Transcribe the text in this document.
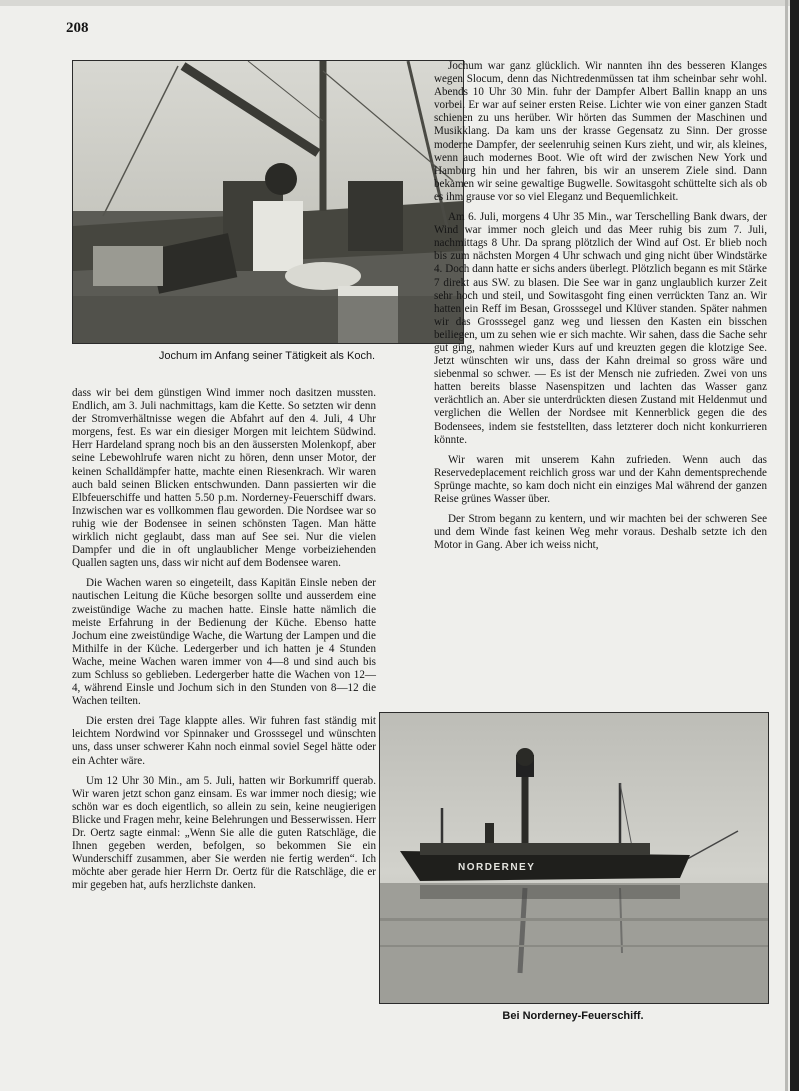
208
Jochum im Anfang seiner Tätigkeit als Koch.

dass wir bei dem günstigen Wind immer noch dasitzen mussten. Endlich, am 3. Juli nachmittags, kam die Kette. So setzten wir denn der Stromverhältnisse wegen die Abfahrt auf den 4. Juli, 4 Uhr morgens, fest. Es war ein diesiger Morgen mit leichtem Südwind. Herr Hardeland sprang noch bis an den äussersten Molenkopf, aber seine Lebewohlrufe waren nicht zu hören, denn unser Motor, der keinen Schalldämpfer hatte, machte einen Riesenkrach. Wir waren auch bald seinen Blicken entschwunden. Dann passierten wir die Elbfeuerschiffe und hatten 5.50 p.m. Norderney-Feuerschiff dwars. Inzwischen war es vollkommen flau geworden. Die Nordsee war so ruhig wie der Bodensee in seinen schönsten Tagen. Man hätte wirklich nicht geglaubt, dass man auf See sei. Nur die vielen Dampfer und die in oft unglaublicher Menge vorbeiziehenden Quallen sagten uns, dass wir nicht auf dem Bodensee waren.

Die Wachen waren so eingeteilt, dass Kapitän Einsle neben der nautischen Leitung die Küche besorgen sollte und ausserdem eine zweistündige Wache zu machen hatte. Einsle hatte nämlich die meiste Erfahrung in der Bedienung der Küche. Ebenso hatte Jochum eine zweistündige Wache, die Wartung der Lampen und die Mithilfe in der Küche. Ledergerber und ich hatten je 4 Stunden Wache, meine Wachen waren immer von 4—8 und sind auch bis zum Schluss so geblieben. Ledergerber hatte die Wachen von 12—4, während Einsle und Jochum sich in den Stunden von 8—12 die Wachen teilten.

Die ersten drei Tage klappte alles. Wir fuhren fast ständig mit leichtem Nordwind vor Spinnaker und Grosssegel und wünschten uns, dass unser schwerer Kahn noch einmal soviel Segel hätte oder ein Achter wäre.

Um 12 Uhr 30 Min., am 5. Juli, hatten wir Borkumriff querab. Wir waren jetzt schon ganz einsam. Es war immer noch diesig; wie schön war es doch eigentlich, so allein zu sein, keine neugierigen Blicke und Fragen mehr, keine Belehrungen und Besserwissen. Herr Dr. Oertz sagte einmal: „Wenn Sie alle die guten Ratschläge, die Ihnen gegeben werden, befolgen, so bekommen Sie ein Wunderschiff zusammen, aber Sie werden nie fertig werden“. Ich möchte aber gerade hier Herrn Dr. Oertz für die Ratschläge, die er mir gegeben hat, aufs herzlichste danken.

Jochum war ganz glücklich. Wir nannten ihn des besseren Klanges wegen Slocum, denn das Nichtredenmüssen tat ihm scheinbar sehr wohl. Abends 10 Uhr 30 Min. fuhr der Dampfer Albert Ballin knapp an uns vorbei. Er war auf seiner ersten Reise. Lichter wie von einer ganzen Stadt schienen zu uns herüber. Wir hörten das Summen der Maschinen und Musikklang. Da kam uns der krasse Gegensatz zu Sinn. Der grosse moderne Dampfer, der seelenruhig seinen Kurs zieht, und wir, als kleines, wenn auch modernes Boot. Wie oft wird der zwischen New York und Hamburg hin und her fahren, bis wir an unserem Ziele sind. Dann bekamen wir seine gewaltige Bugwelle. Sowitasgoht schüttelte sich als ob es ihm grause vor so viel Eleganz und Bequemlichkeit.

Am 6. Juli, morgens 4 Uhr 35 Min., war Terschelling Bank dwars, der Wind war immer noch gleich und das Meer ruhig bis zum 7. Juli, nachmittags 8 Uhr. Da sprang plötzlich der Wind auf Ost. Er blieb noch bis zum nächsten Morgen 4 Uhr schwach und ging nicht über Windstärke 4. Doch dann hatte er sichs anders überlegt. Plötzlich begann es mit Stärke 7 direkt aus SW. zu blasen. Die See war in ganz unglaublich kurzer Zeit sehr hoch und steil, und Sowitasgoht fing einen verrückten Tanz an. Wir hatten ein Reff im Besan, Grosssegel und Klüver standen. Später nahmen wir das Grosssegel ganz weg und liessen den Kasten ein bisschen beiliegen, um zu sehen wie er sich machte. Wir sahen, dass die Sache sehr gut ging, nahmen wieder Kurs auf und kreuzten gegen die klotzige See. Jetzt wünschten wir uns, dass der Kahn dreimal so gross wäre und siebenmal so schwer. — Es ist der Mensch nie zufrieden. Zwei von uns hatten bereits blasse Nasenspitzen und lachten das Wasser ganz verächtlich an. Aber sie unterdrückten diesen Zustand mit Heldenmut und verglichen die Wellen der Nordsee mit Kennerblick gegen die des Bodensees, indem sie feststellten, dass letzterer doch nicht konkurrieren könnte.

Wir waren mit unserem Kahn zufrieden. Wenn auch das Reservedeplacement reichlich gross war und der Kahn dementsprechende Sprünge machte, so kam doch nicht ein einziges Mal während der ganzen Reise grünes Wasser über.

Der Strom begann zu kentern, und wir machten bei der schweren See und dem Winde fast keinen Weg mehr voraus. Deshalb setzte ich den Motor in Gang. Aber ich weiss nicht,

NORDERNEY
Bei Norderney-Feuerschiff.
